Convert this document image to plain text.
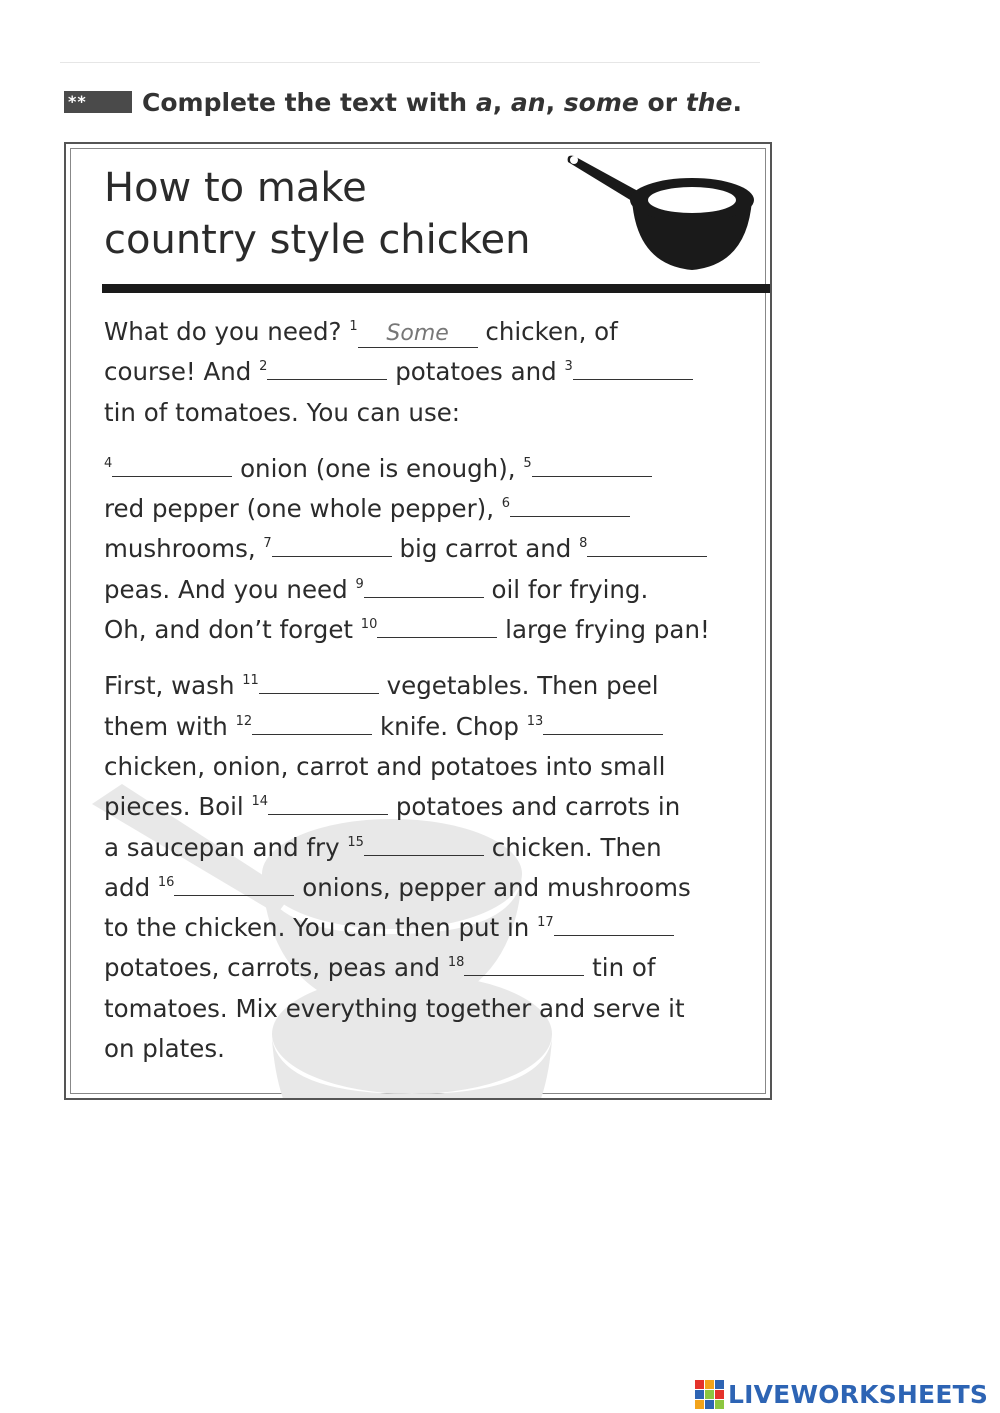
**	Complete the text with a, an, some or the.
How to make
country style chicken
What do you need? $^1$ Some chicken, of
course! And $^2$	potatoes and $^3$
tin of tomatoes. You can use:
$^4$	onion (one is enough), $^5$
red pepper (one whole pepper), $^6$
mushrooms, $^7$	big carrot and $^8$
peas. And you need $^9$	oil for frying.
Oh, and don’t forget $^{10}$	large frying pan!
First, wash $^{11}$	vegetables. Then peel
them with $^{12}$	knife. Chop $^{13}$
chicken, onion, carrot and potatoes into small
pieces. Boil $^{14}$	potatoes and carrots in
a saucepan and fry $^{15}$	chicken. Then
add $^{16}$	onions, pepper and mushrooms
to the chicken. You can then put in $^{17}$
potatoes, carrots, peas and $^{18}$	tin of
tomatoes. Mix everything together and serve it
on plates.
LIVEWORKSHEETS
